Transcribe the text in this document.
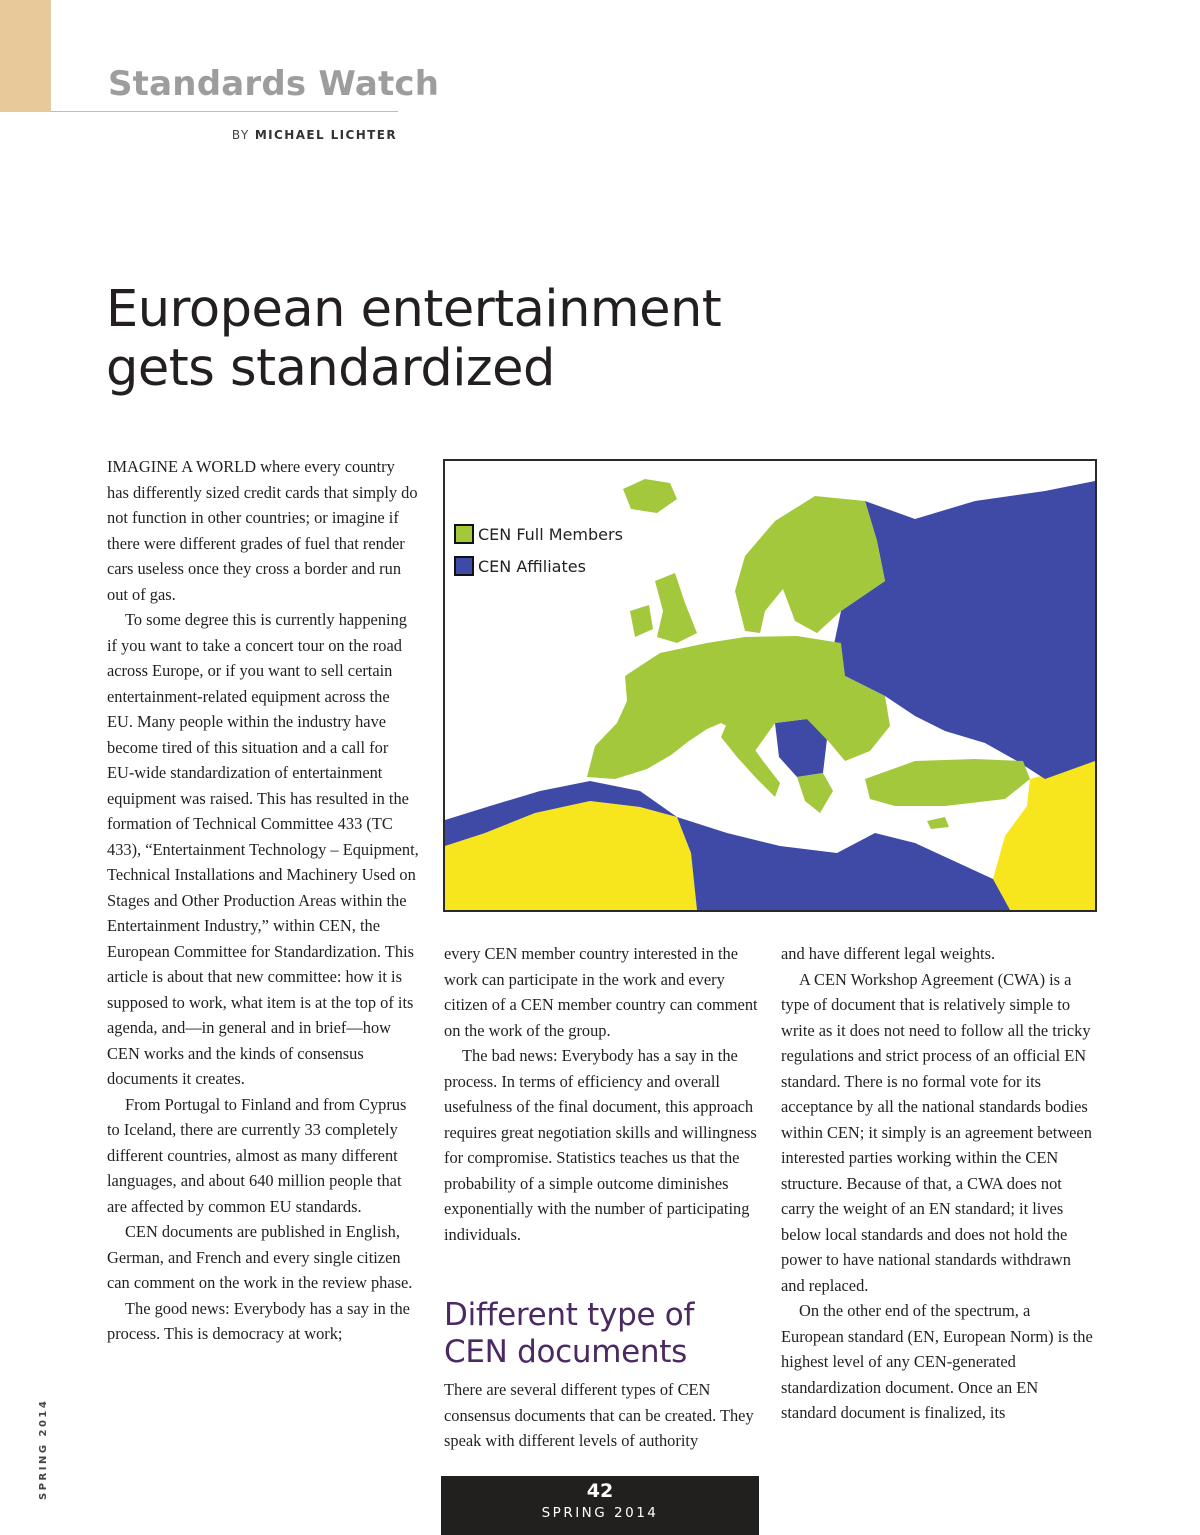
Standards Watch
BY MICHAEL LICHTER
European entertainment
gets standardized

IMAGINE A WORLD where every country has differently sized credit cards that simply do not function in other countries; or imagine if there were different grades of fuel that render cars useless once they cross a border and run out of gas.

To some degree this is currently happening if you want to take a concert tour on the road across Europe, or if you want to sell certain entertainment-related equipment across the EU. Many people within the industry have become tired of this situation and a call for EU-wide standardization of entertainment equipment was raised. This has resulted in the formation of Technical Committee 433 (TC 433), “Entertainment Technology – Equipment, Technical Installations and Machinery Used on Stages and Other Production Areas within the Entertainment Industry,” within CEN, the European Committee for Standardization. This article is about that new committee: how it is supposed to work, what item is at the top of its agenda, and—in general and in brief—how CEN works and the kinds of consensus documents it creates.

From Portugal to Finland and from Cyprus to Iceland, there are currently 33 completely different countries, almost as many different languages, and about 640 million people that are affected by common EU standards.

CEN documents are published in English, German, and French and every single citizen can comment on the work in the review phase.

The good news: Everybody has a say in the process. This is democracy at work;

CEN Full Members
CEN Affiliates

every CEN member country interested in the work can participate in the work and every citizen of a CEN member country can comment on the work of the group.

The bad news: Everybody has a say in the process. In terms of efficiency and overall usefulness of the final document, this approach requires great negotiation skills and willingness for compromise. Statistics teaches us that the probability of a simple outcome diminishes exponentially with the number of participating individuals.

Different type of
CEN documents

There are several different types of CEN consensus documents that can be created. They speak with different levels of authority

and have different legal weights.

A CEN Workshop Agreement (CWA) is a type of document that is relatively simple to write as it does not need to follow all the tricky regulations and strict process of an official EN standard. There is no formal vote for its acceptance by all the national standards bodies within CEN; it simply is an agreement between interested parties working within the CEN structure. Because of that, a CWA does not carry the weight of an EN standard; it lives below local standards and does not hold the power to have national standards withdrawn and replaced.

On the other end of the spectrum, a European standard (EN, European Norm) is the highest level of any CEN-generated standardization document. Once an EN standard document is finalized, its

42
SPRING 2014
SPRING 2014
